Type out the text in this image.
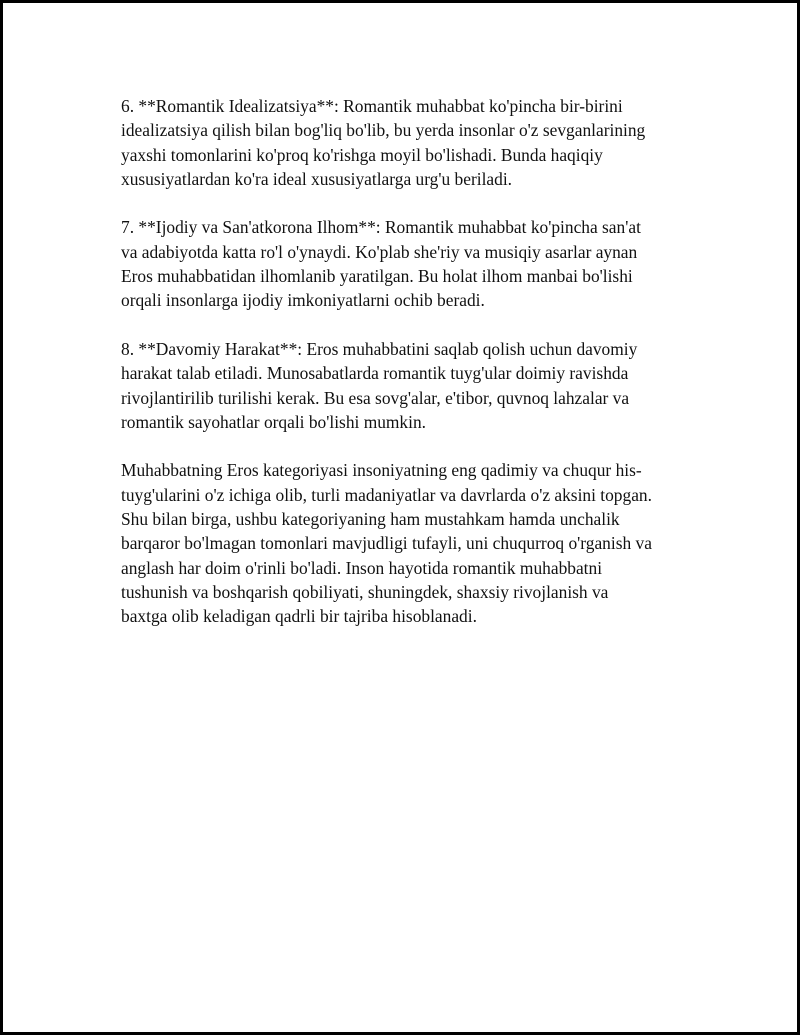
6. **Romantik Idealizatsiya**: Romantik muhabbat ko'pincha bir-birini
idealizatsiya qilish bilan bog'liq bo'lib, bu yerda insonlar o'z sevganlarining
yaxshi tomonlarini ko'proq ko'rishga moyil bo'lishadi. Bunda haqiqiy
xususiyatlardan ko'ra ideal xususiyatlarga urg'u beriladi.

7. **Ijodiy va San'atkorona Ilhom**: Romantik muhabbat ko'pincha san'at
va adabiyotda katta ro'l o'ynaydi. Ko'plab she'riy va musiqiy asarlar aynan
Eros muhabbatidan ilhomlanib yaratilgan. Bu holat ilhom manbai bo'lishi
orqali insonlarga ijodiy imkoniyatlarni ochib beradi.

8. **Davomiy Harakat**: Eros muhabbatini saqlab qolish uchun davomiy
harakat talab etiladi. Munosabatlarda romantik tuyg'ular doimiy ravishda
rivojlantirilib turilishi kerak. Bu esa sovg'alar, e'tibor, quvnoq lahzalar va
romantik sayohatlar orqali bo'lishi mumkin.

Muhabbatning Eros kategoriyasi insoniyatning eng qadimiy va chuqur his-
tuyg'ularini o'z ichiga olib, turli madaniyatlar va davrlarda o'z aksini topgan.
Shu bilan birga, ushbu kategoriyaning ham mustahkam hamda unchalik
barqaror bo'lmagan tomonlari mavjudligi tufayli, uni chuqurroq o'rganish va
anglash har doim o'rinli bo'ladi. Inson hayotida romantik muhabbatni
tushunish va boshqarish qobiliyati, shuningdek, shaxsiy rivojlanish va
baxtga olib keladigan qadrli bir tajriba hisoblanadi.
